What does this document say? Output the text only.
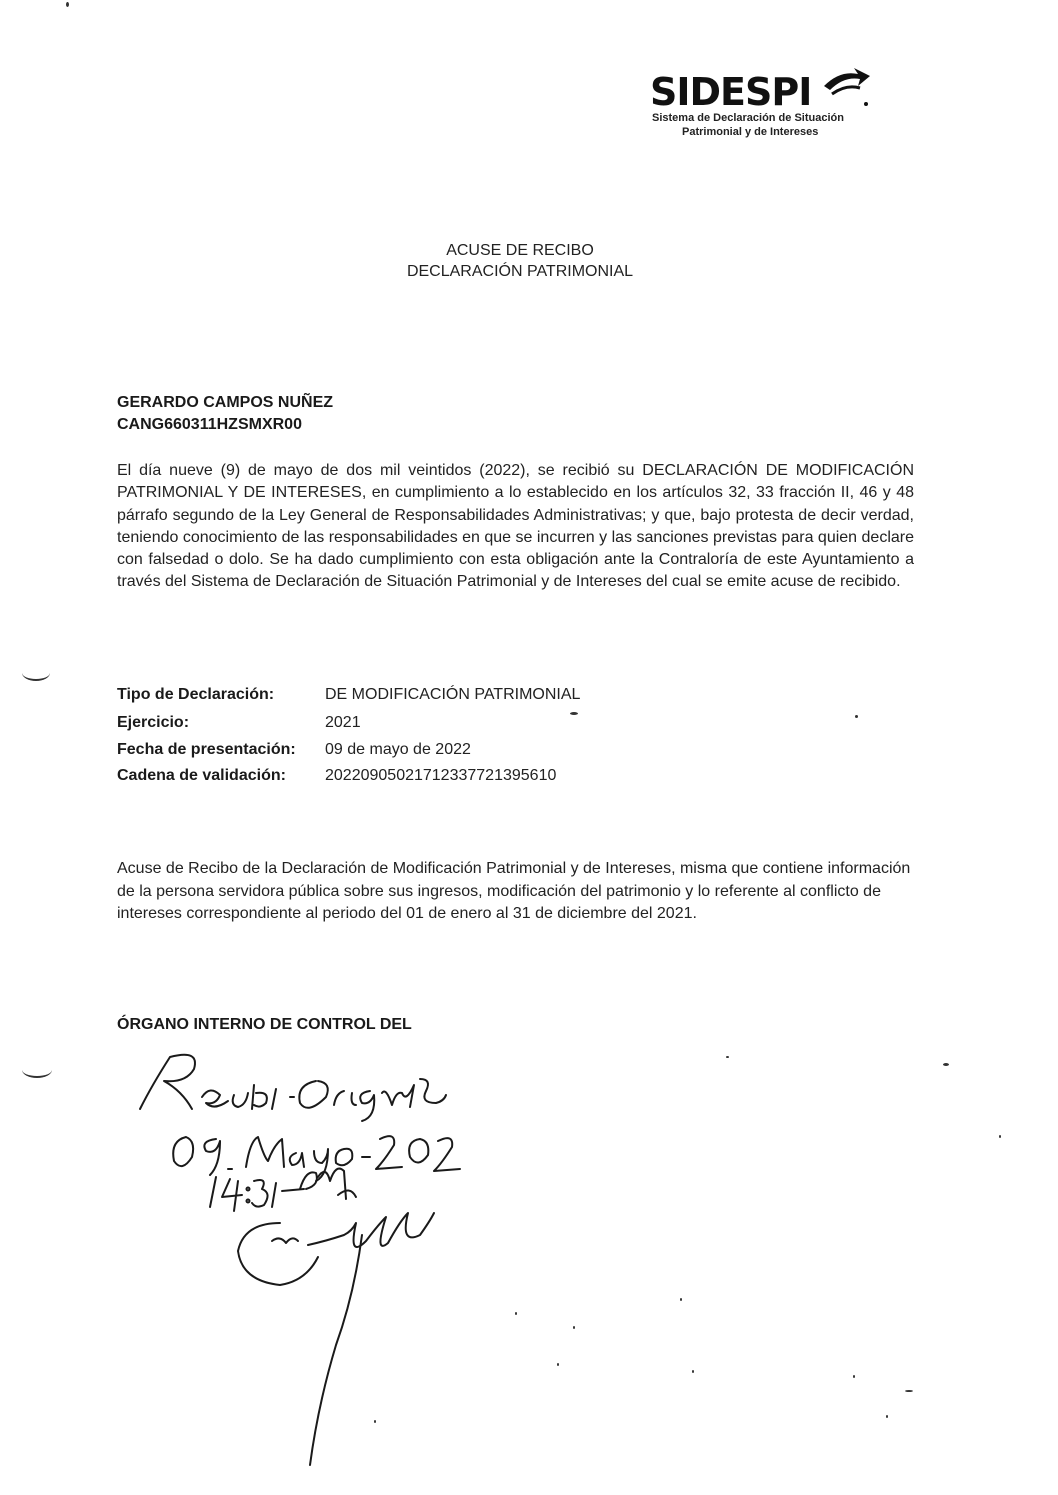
SIDESPI
Sistema de Declaración de Situación
Patrimonial y de Intereses
ACUSE DE RECIBO
DECLARACIÓN PATRIMONIAL
GERARDO CAMPOS NUÑEZ
CANG660311HZSMXR00

El día nueve (9) de mayo de dos mil veintidos (2022), se recibió su DECLARACIÓN DE MODIFICACIÓN PATRIMONIAL Y DE INTERESES, en cumplimiento a lo establecido en los artículos 32, 33 fracción II, 46 y 48 párrafo segundo de la Ley General de Responsabilidades Administrativas; y que, bajo protesta de decir verdad, teniendo conocimiento de las responsabilidades en que se incurren y las sanciones previstas para quien declare con falsedad o dolo. Se ha dado cumplimiento con esta obligación ante la Contraloría de este Ayuntamiento a través del Sistema de Declaración de Situación Patrimonial y de Intereses del cual se emite acuse de recibido.

Tipo de Declaración:	DE MODIFICACIÓN PATRIMONIAL
Ejercicio:	2021
Fecha de presentación: 09 de mayo de 2022
Cadena de validación: 20220905021712337721395610

Acuse de Recibo de la Declaración de Modificación Patrimonial y de Intereses, misma que contiene información de la persona servidora pública sobre sus ingresos, modificación del patrimonio y lo referente al conflicto de intereses correspondiente al periodo del 01 de enero al 31 de diciembre del 2021.

ÓRGANO INTERNO DE CONTROL DEL
